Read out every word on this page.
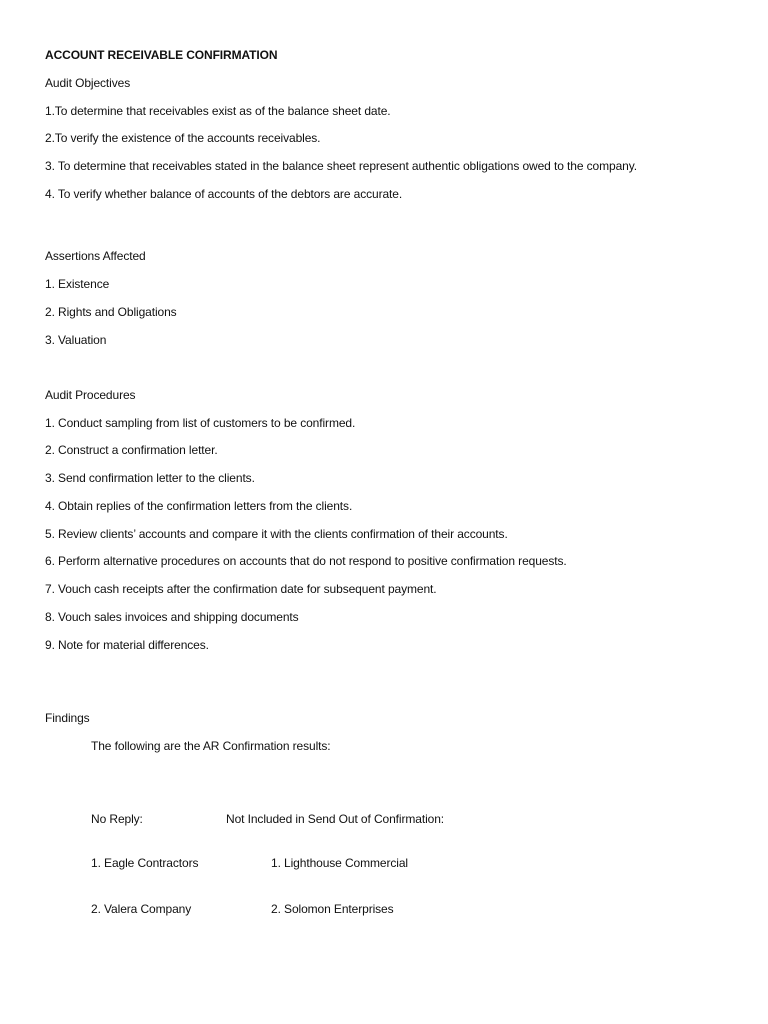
ACCOUNT RECEIVABLE CONFIRMATION
Audit Objectives
1.To determine that receivables exist as of the balance sheet date.
2.To verify the existence of the accounts receivables.
3. To determine that receivables stated in the balance sheet represent authentic obligations owed to the company.
4. To verify whether balance of accounts of the debtors are accurate.
Assertions Affected
1. Existence
2. Rights and Obligations
3. Valuation
Audit Procedures
1. Conduct sampling from list of customers to be confirmed.
2. Construct a confirmation letter.
3. Send confirmation letter to the clients.
4. Obtain replies of the confirmation letters from the clients.
5. Review clients’ accounts and compare it with the clients confirmation of their accounts.
6. Perform alternative procedures on accounts that do not respond to positive confirmation requests.
7. Vouch cash receipts after the confirmation date for subsequent payment.
8. Vouch sales invoices and shipping documents
9. Note for material differences.
Findings
The following are the AR Confirmation results:
No Reply:	Not Included in Send Out of Confirmation:
1. Eagle Contractors	1. Lighthouse Commercial
2. Valera Company	2. Solomon Enterprises
